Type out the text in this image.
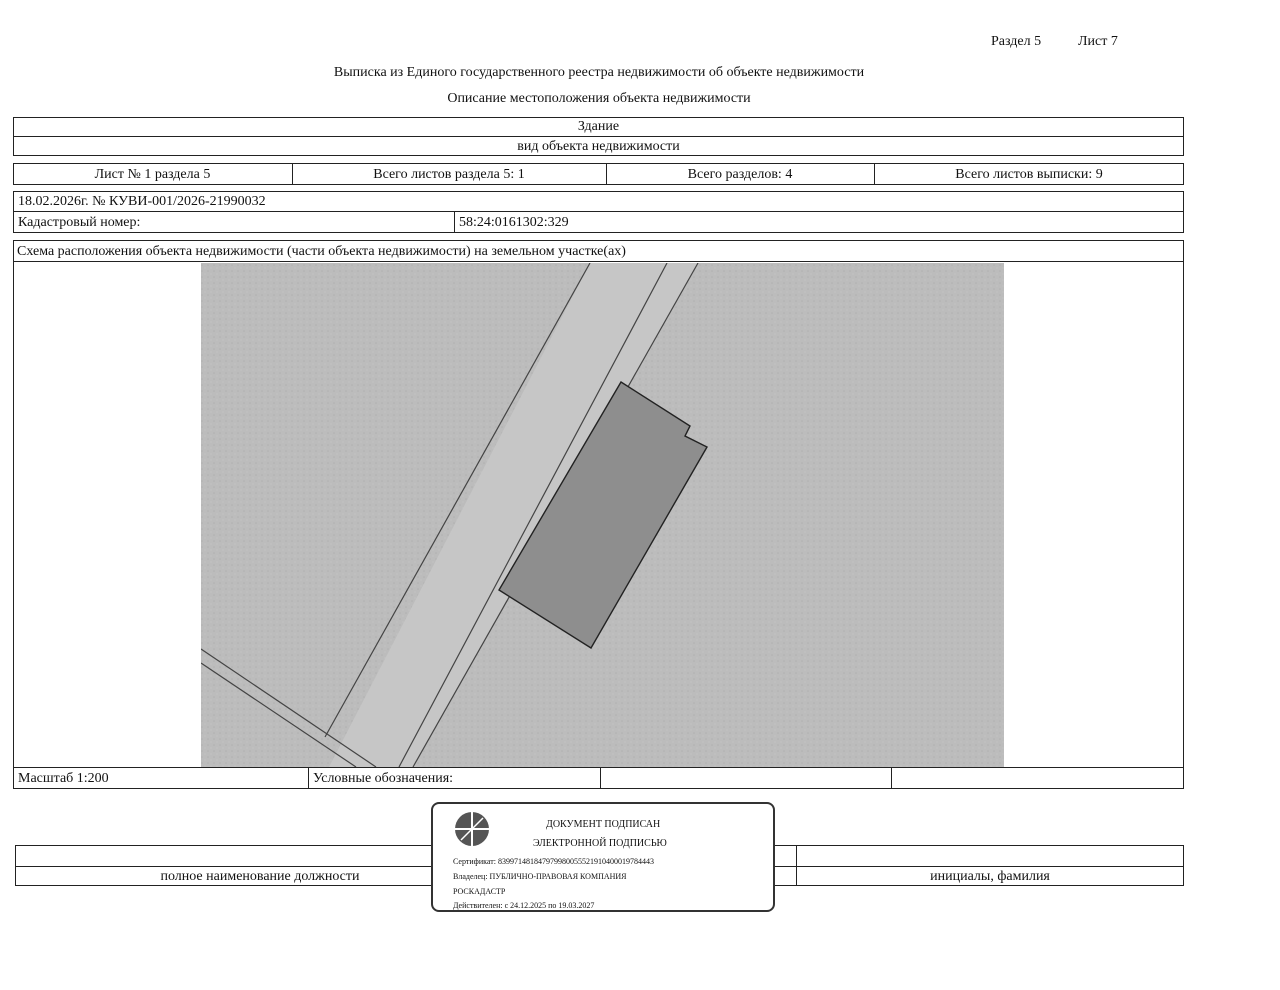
Раздел 5	Лист 7
Выписка из Единого государственного реестра недвижимости об объекте недвижимости
Описание местоположения объекта недвижимости
Здание
вид объекта недвижимости
Лист № 1 раздела 5	Всего листов раздела 5: 1	Всего разделов: 4	Всего листов выписки: 9
18.02.2026г. № КУВИ-001/2026-21990032
Кадастровый номер:	58:24:0161302:329
Схема расположения объекта недвижимости (части объекта недвижимости) на земельном участке(ах)
Масштаб 1:200	Условные обозначения:
полное наименование должности	инициалы, фамилия
ДОКУМЕНТ ПОДПИСАН
ЭЛЕКТРОННОЙ ПОДПИСЬЮ
Сертификат: 839971481847979980055521910400019784443
Владелец: ПУБЛИЧНО-ПРАВОВАЯ КОМПАНИЯ
РОСКАДАСТР
Действителен: с 24.12.2025 по 19.03.2027
